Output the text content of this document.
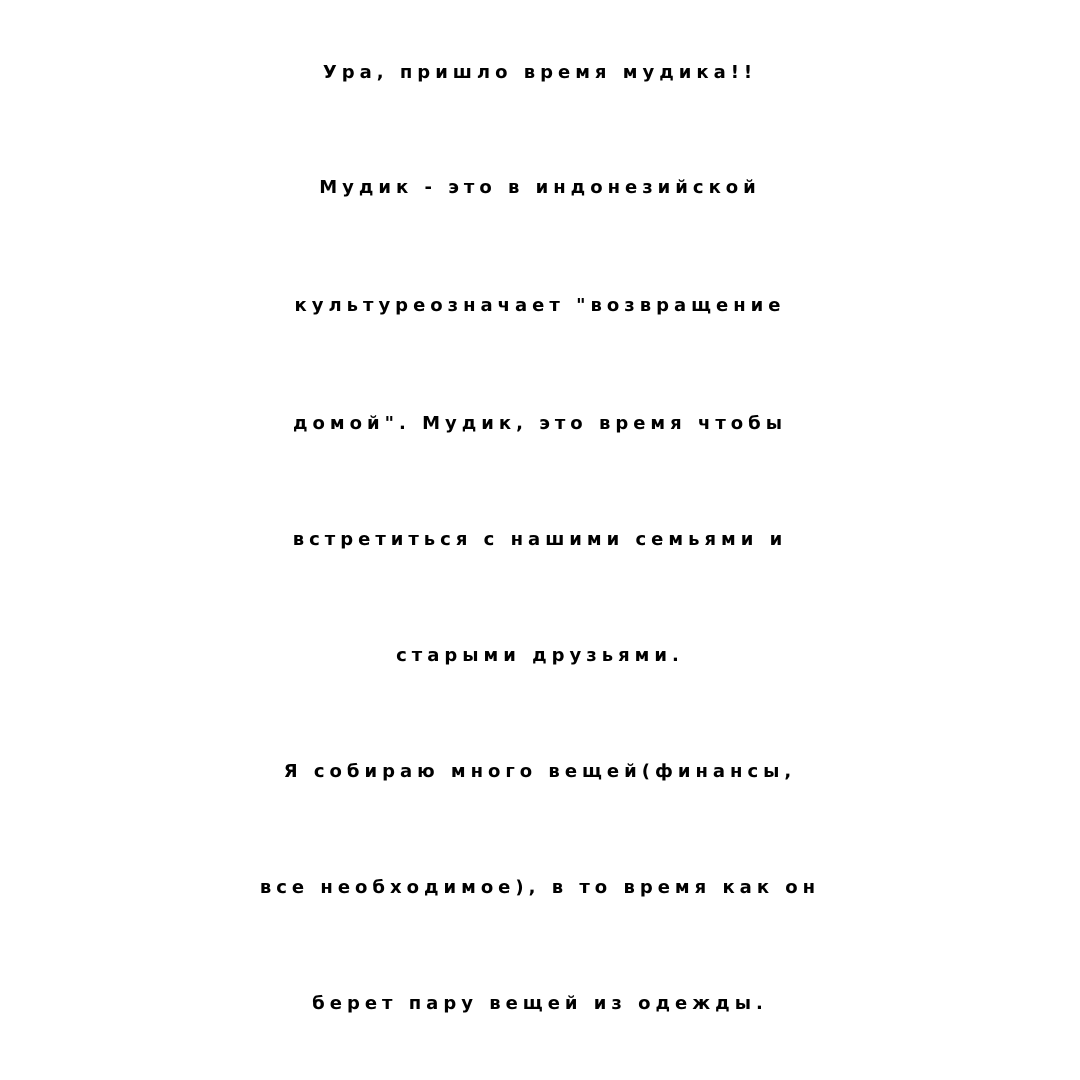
Ура, пришло время мудика!!
Мудик - это в индонезийской
культуреозначает "возвращение
домой". Мудик, это время чтобы
встретиться с нашими семьями и
старыми друзьями.
Я собираю много вещей(финансы,
все необходимое), в то время как он
берет пару вещей из одежды.
